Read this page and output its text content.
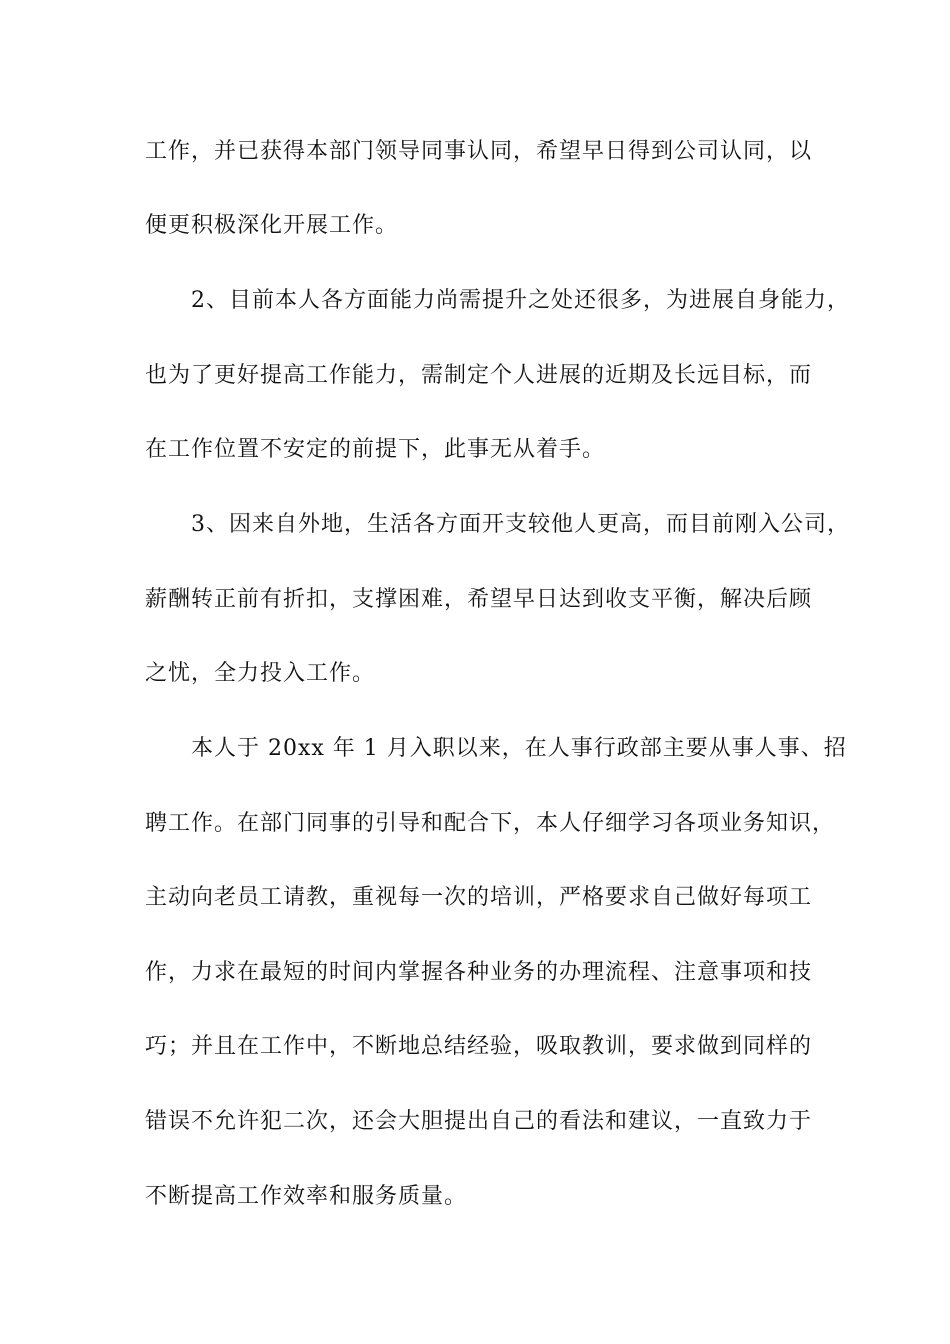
工作，并已获得本部门领导同事认同，希望早日得到公司认同，以
便更积极深化开展工作。
2、目前本人各方面能力尚需提升之处还很多，为进展自身能力，
也为了更好提高工作能力，需制定个人进展的近期及长远目标，而
在工作位置不安定的前提下，此事无从着手。
3、因来自外地，生活各方面开支较他人更高，而目前刚入公司，
薪酬转正前有折扣，支撑困难，希望早日达到收支平衡，解决后顾
之忧，全力投入工作。
本人于 20xx 年 1 月入职以来，在人事行政部主要从事人事、招
聘工作。在部门同事的引导和配合下，本人仔细学习各项业务知识，
主动向老员工请教，重视每一次的培训，严格要求自己做好每项工
作，力求在最短的时间内掌握各种业务的办理流程、注意事项和技
巧；并且在工作中，不断地总结经验，吸取教训，要求做到同样的
错误不允许犯二次，还会大胆提出自己的看法和建议，一直致力于
不断提高工作效率和服务质量。
